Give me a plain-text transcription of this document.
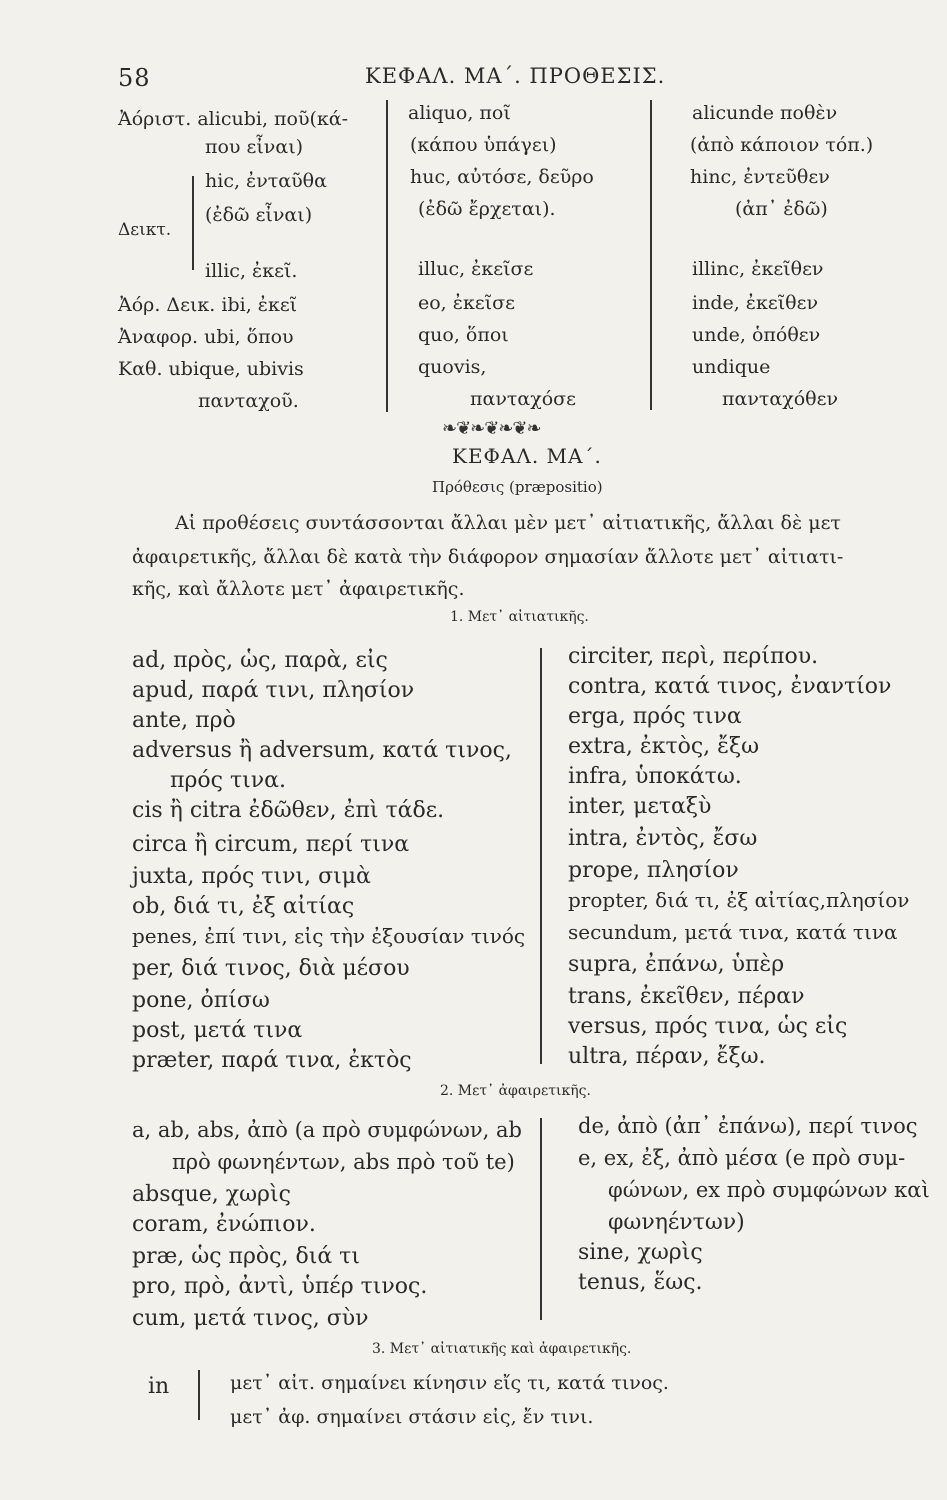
58	ΚΕΦΑΛ. ΜΑ΄. ΠΡΟΘΕΣΙΣ.
Ἀόριστ. alicubi, ποῦ(κά-
που εἶναι)
hic, ἐνταῦθα
(ἐδῶ εἶναι)
Δεικτ.
illic, ἐκεῖ.
Ἀόρ. Δεικ. ibi, ἐκεῖ
Ἀναφορ. ubi, ὅπου
Καθ. ubique, ubivis
πανταχοῦ.
aliquo, ποῖ
(κάπου ὑπάγει)
huc, αὐτόσε, δεῦρο
(ἐδῶ ἔρχεται).
illuc, ἐκεῖσε
eo, ἐκεῖσε
quo, ὅποι
quovis,
πανταχόσε
alicunde ποθὲν
(ἀπὸ κάποιον τόπ.)
hinc, ἐντεῦθεν
(ἀπ᾽ ἐδῶ)
illinc, ἐκεῖθεν
inde, ἐκεῖθεν
unde, ὁπόθεν
undique
πανταχόθεν
❧❦❧❦❧❦❧
ΚΕΦΑΛ. ΜΑ΄.
Πρόθεσις (præpositio)
Αἱ προθέσεις συντάσσονται ἄλλαι μὲν μετ᾽ αἰτιατικῆς, ἄλλαι δὲ μετ
ἀφαιρετικῆς, ἄλλαι δὲ κατὰ τὴν διάφορον σημασίαν ἄλλοτε μετ᾽ αἰτιατι-
κῆς, καὶ ἄλλοτε μετ᾽ ἀφαιρετικῆς.
1. Μετ᾽ αἰτιατικῆς.
ad, πρὸς, ὡς, παρὰ, εἰς
apud, παρά τινι, πλησίον
ante, πρὸ
adversus ἢ adversum, κατά τινος,
πρός τινα.
cis ἢ citra ἐδῶθεν, ἐπὶ τάδε.
circa ἢ circum, περί τινα
juxta, πρός τινι, σιμὰ
ob, διά τι, ἐξ αἰτίας
penes, ἐπί τινι, εἰς τὴν ἐξουσίαν τινός
per, διά τινος, διὰ μέσου
pone, ὀπίσω
post, μετά τινα
præter, παρά τινα, ἐκτὸς
circiter, περὶ, περίπου.
contra, κατά τινος, ἐναντίον
erga, πρός τινα
extra, ἐκτὸς, ἔξω
infra, ὑποκάτω.
inter, μεταξὺ
intra, ἐντὸς, ἔσω
prope, πλησίον
propter, διά τι, ἐξ αἰτίας,πλησίον
secundum, μετά τινα, κατά τινα
supra, ἐπάνω, ὑπὲρ
trans, ἐκεῖθεν, πέραν
versus, πρός τινα, ὡς εἰς
ultra, πέραν, ἔξω.
2. Μετ᾽ ἀφαιρετικῆς.
a, ab, abs, ἀπὸ (a πρὸ συμφώνων, ab
πρὸ φωνηέντων, abs πρὸ τοῦ te)
absque, χωρὶς
coram, ἐνώπιον.
præ, ὡς πρὸς, διά τι
pro, πρὸ, ἀντὶ, ὑπέρ τινος.
cum, μετά τινος, σὺν
de, ἀπὸ (ἀπ᾽ ἐπάνω), περί τινος
e, ex, ἐξ, ἀπὸ μέσα (e πρὸ συμ-
φώνων, ex πρὸ συμφώνων καὶ
φωνηέντων)
sine, χωρὶς
tenus, ἕως.
3. Μετ᾽ αἰτιατικῆς καὶ ἀφαιρετικῆς.
in	μετ᾽ αἰτ. σημαίνει κίνησιν εἴς τι, κατά τινος.
μετ᾽ ἀφ. σημαίνει στάσιν εἰς, ἔν τινι.
